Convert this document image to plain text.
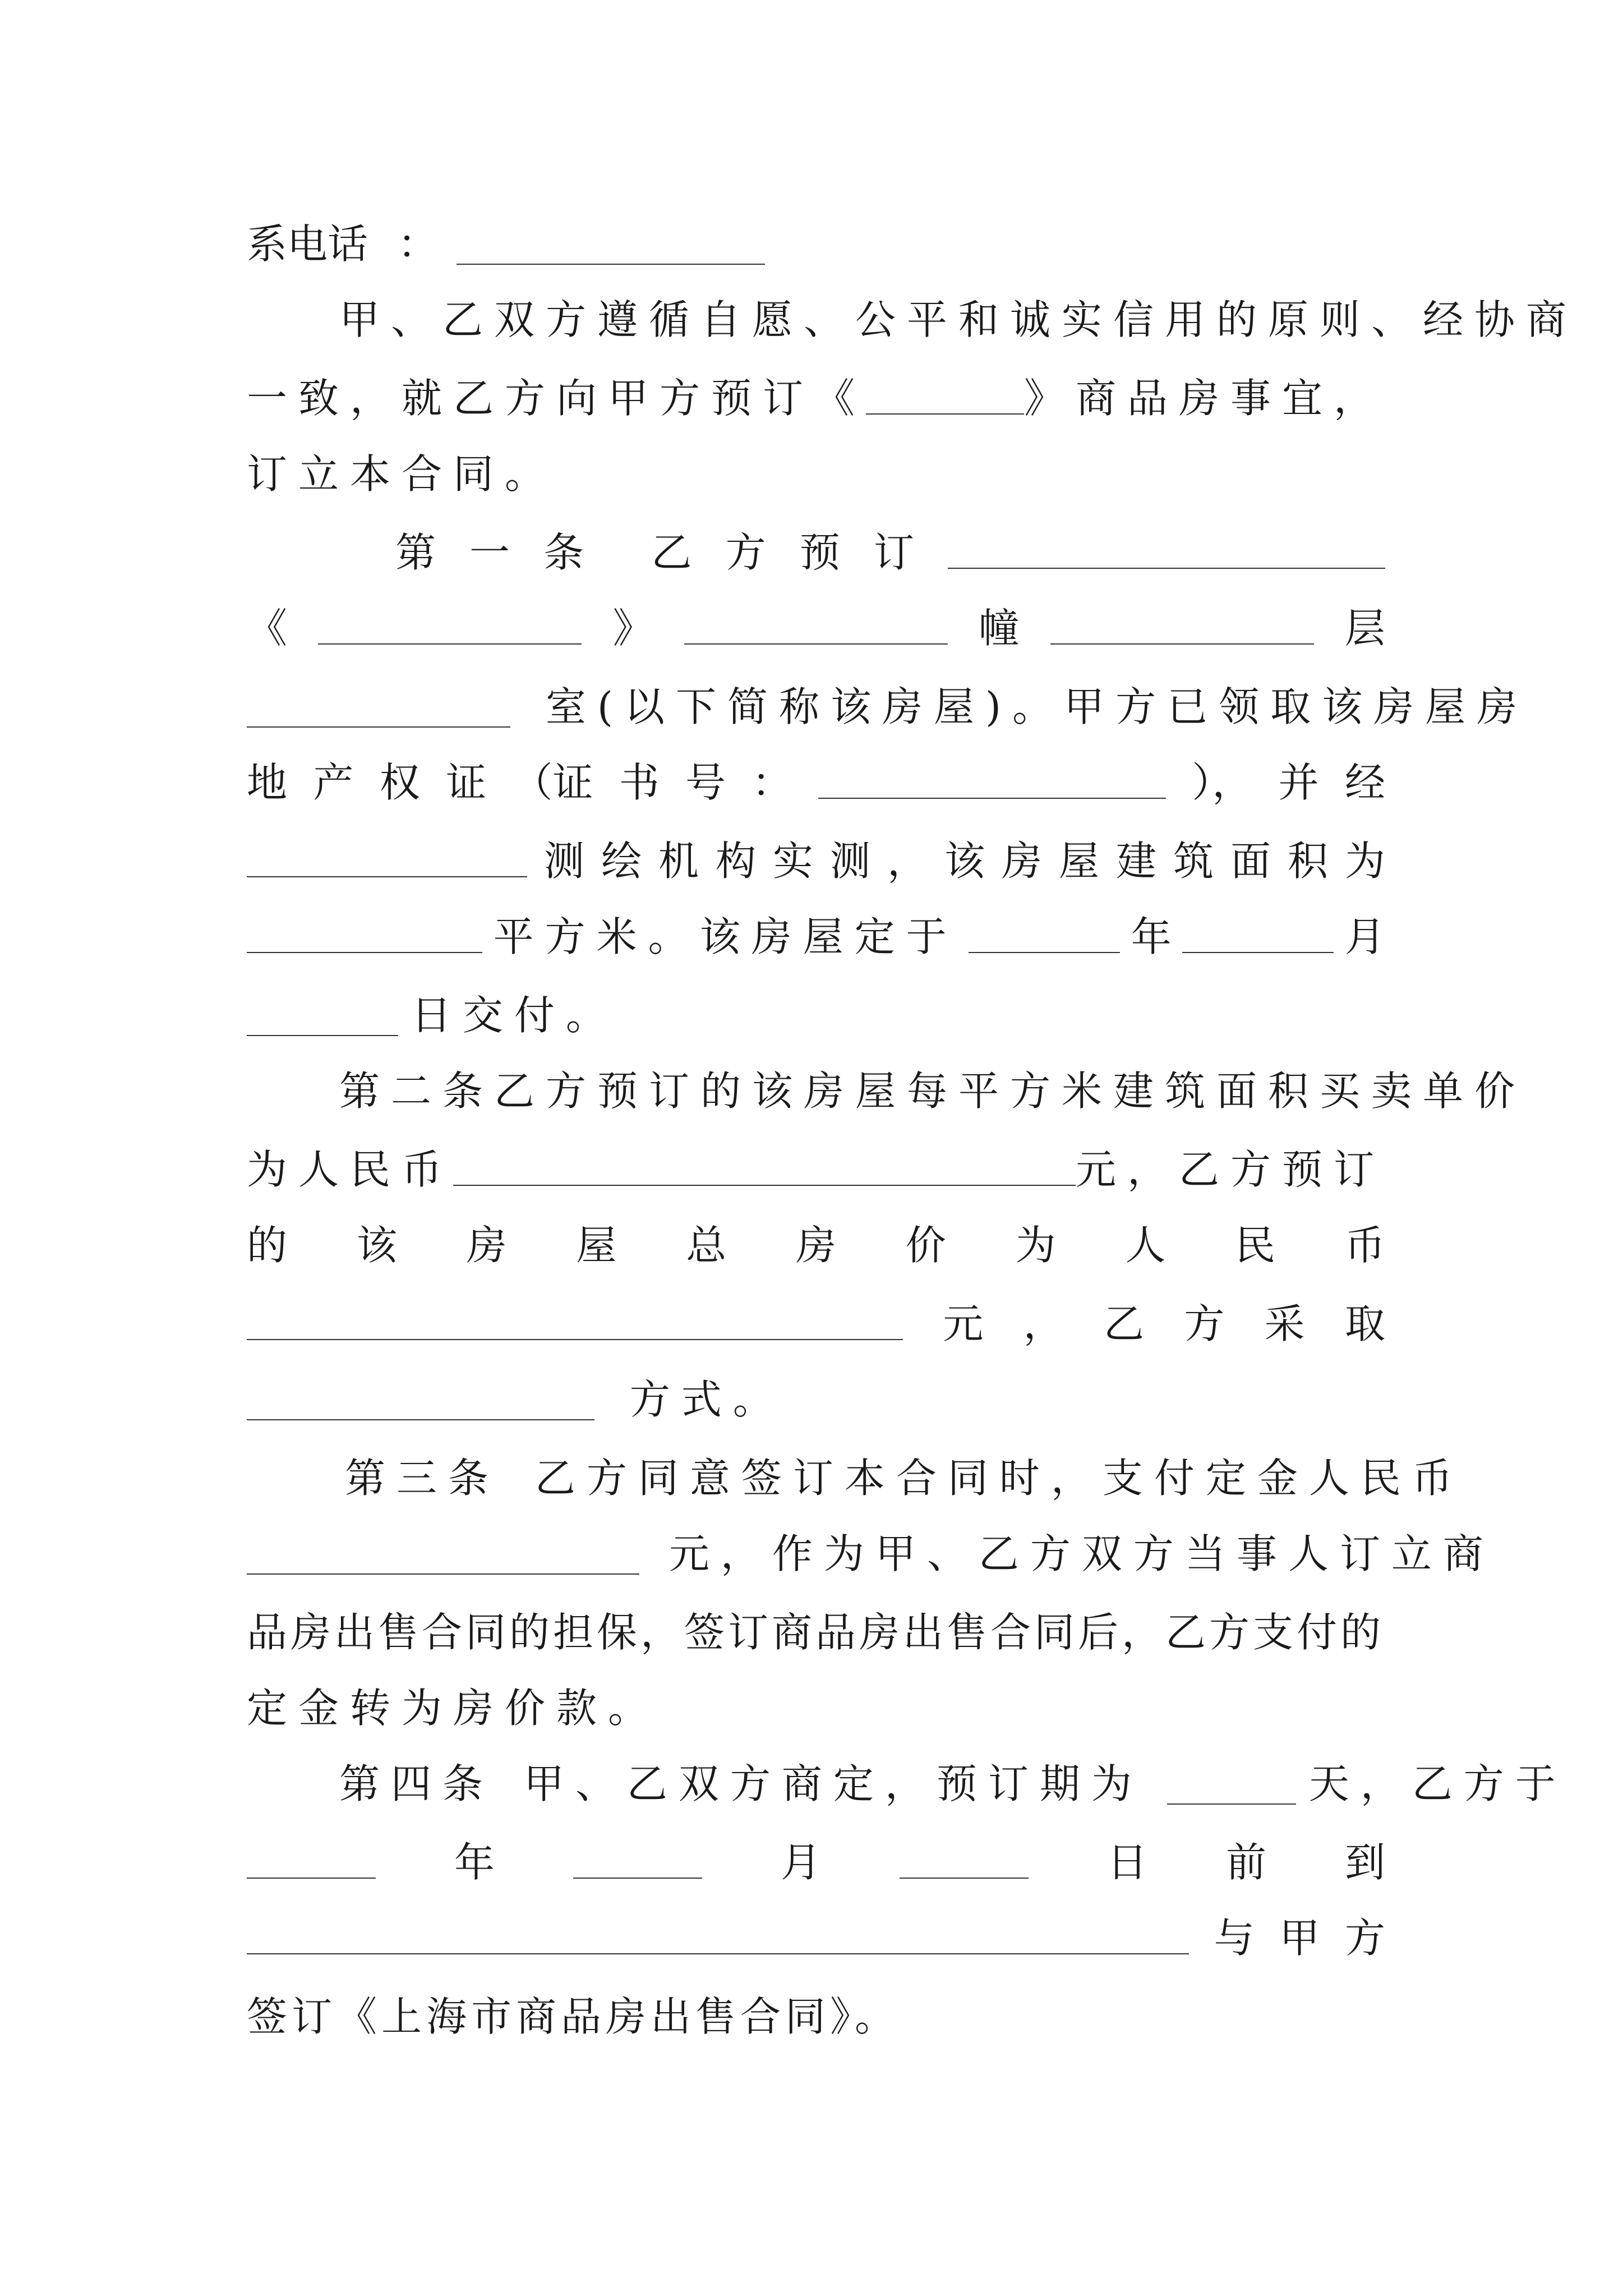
系电话 ：
甲、乙双方遵循自愿、公平和诚实信用的原则、经协商
一致，就乙方向甲方预订《	》商品房事宜，
订立本合同。
第 一 条 乙 方 预 订
《	》	幢	层
室(以下简称该房屋)。甲方已领取该房屋房
地 产 权 证 （证 书 号 ：	）， 并 经
测 绘 机 构 实 测 ， 该 房 屋 建 筑 面 积 为
平方米。该房屋定于	年	月
日交付。
第二条乙方预订的该房屋每平方米建筑面积买卖单价
为人民币	元，乙方预订
的 该 房 屋 总 房 价 为 人 民 币
元 ， 乙 方 采 取
方式。
第三条 乙方同意签订本合同时，支付定金人民币
元，作为甲、乙方双方当事人订立商
品房出售合同的担保，签订商品房出售合同后，乙方支付的
定金转为房价款。
第四条 甲、乙双方商定，预订期为	天，乙方于
年	月	日 前 到
与 甲 方
签订《上海市商品房出售合同》。
